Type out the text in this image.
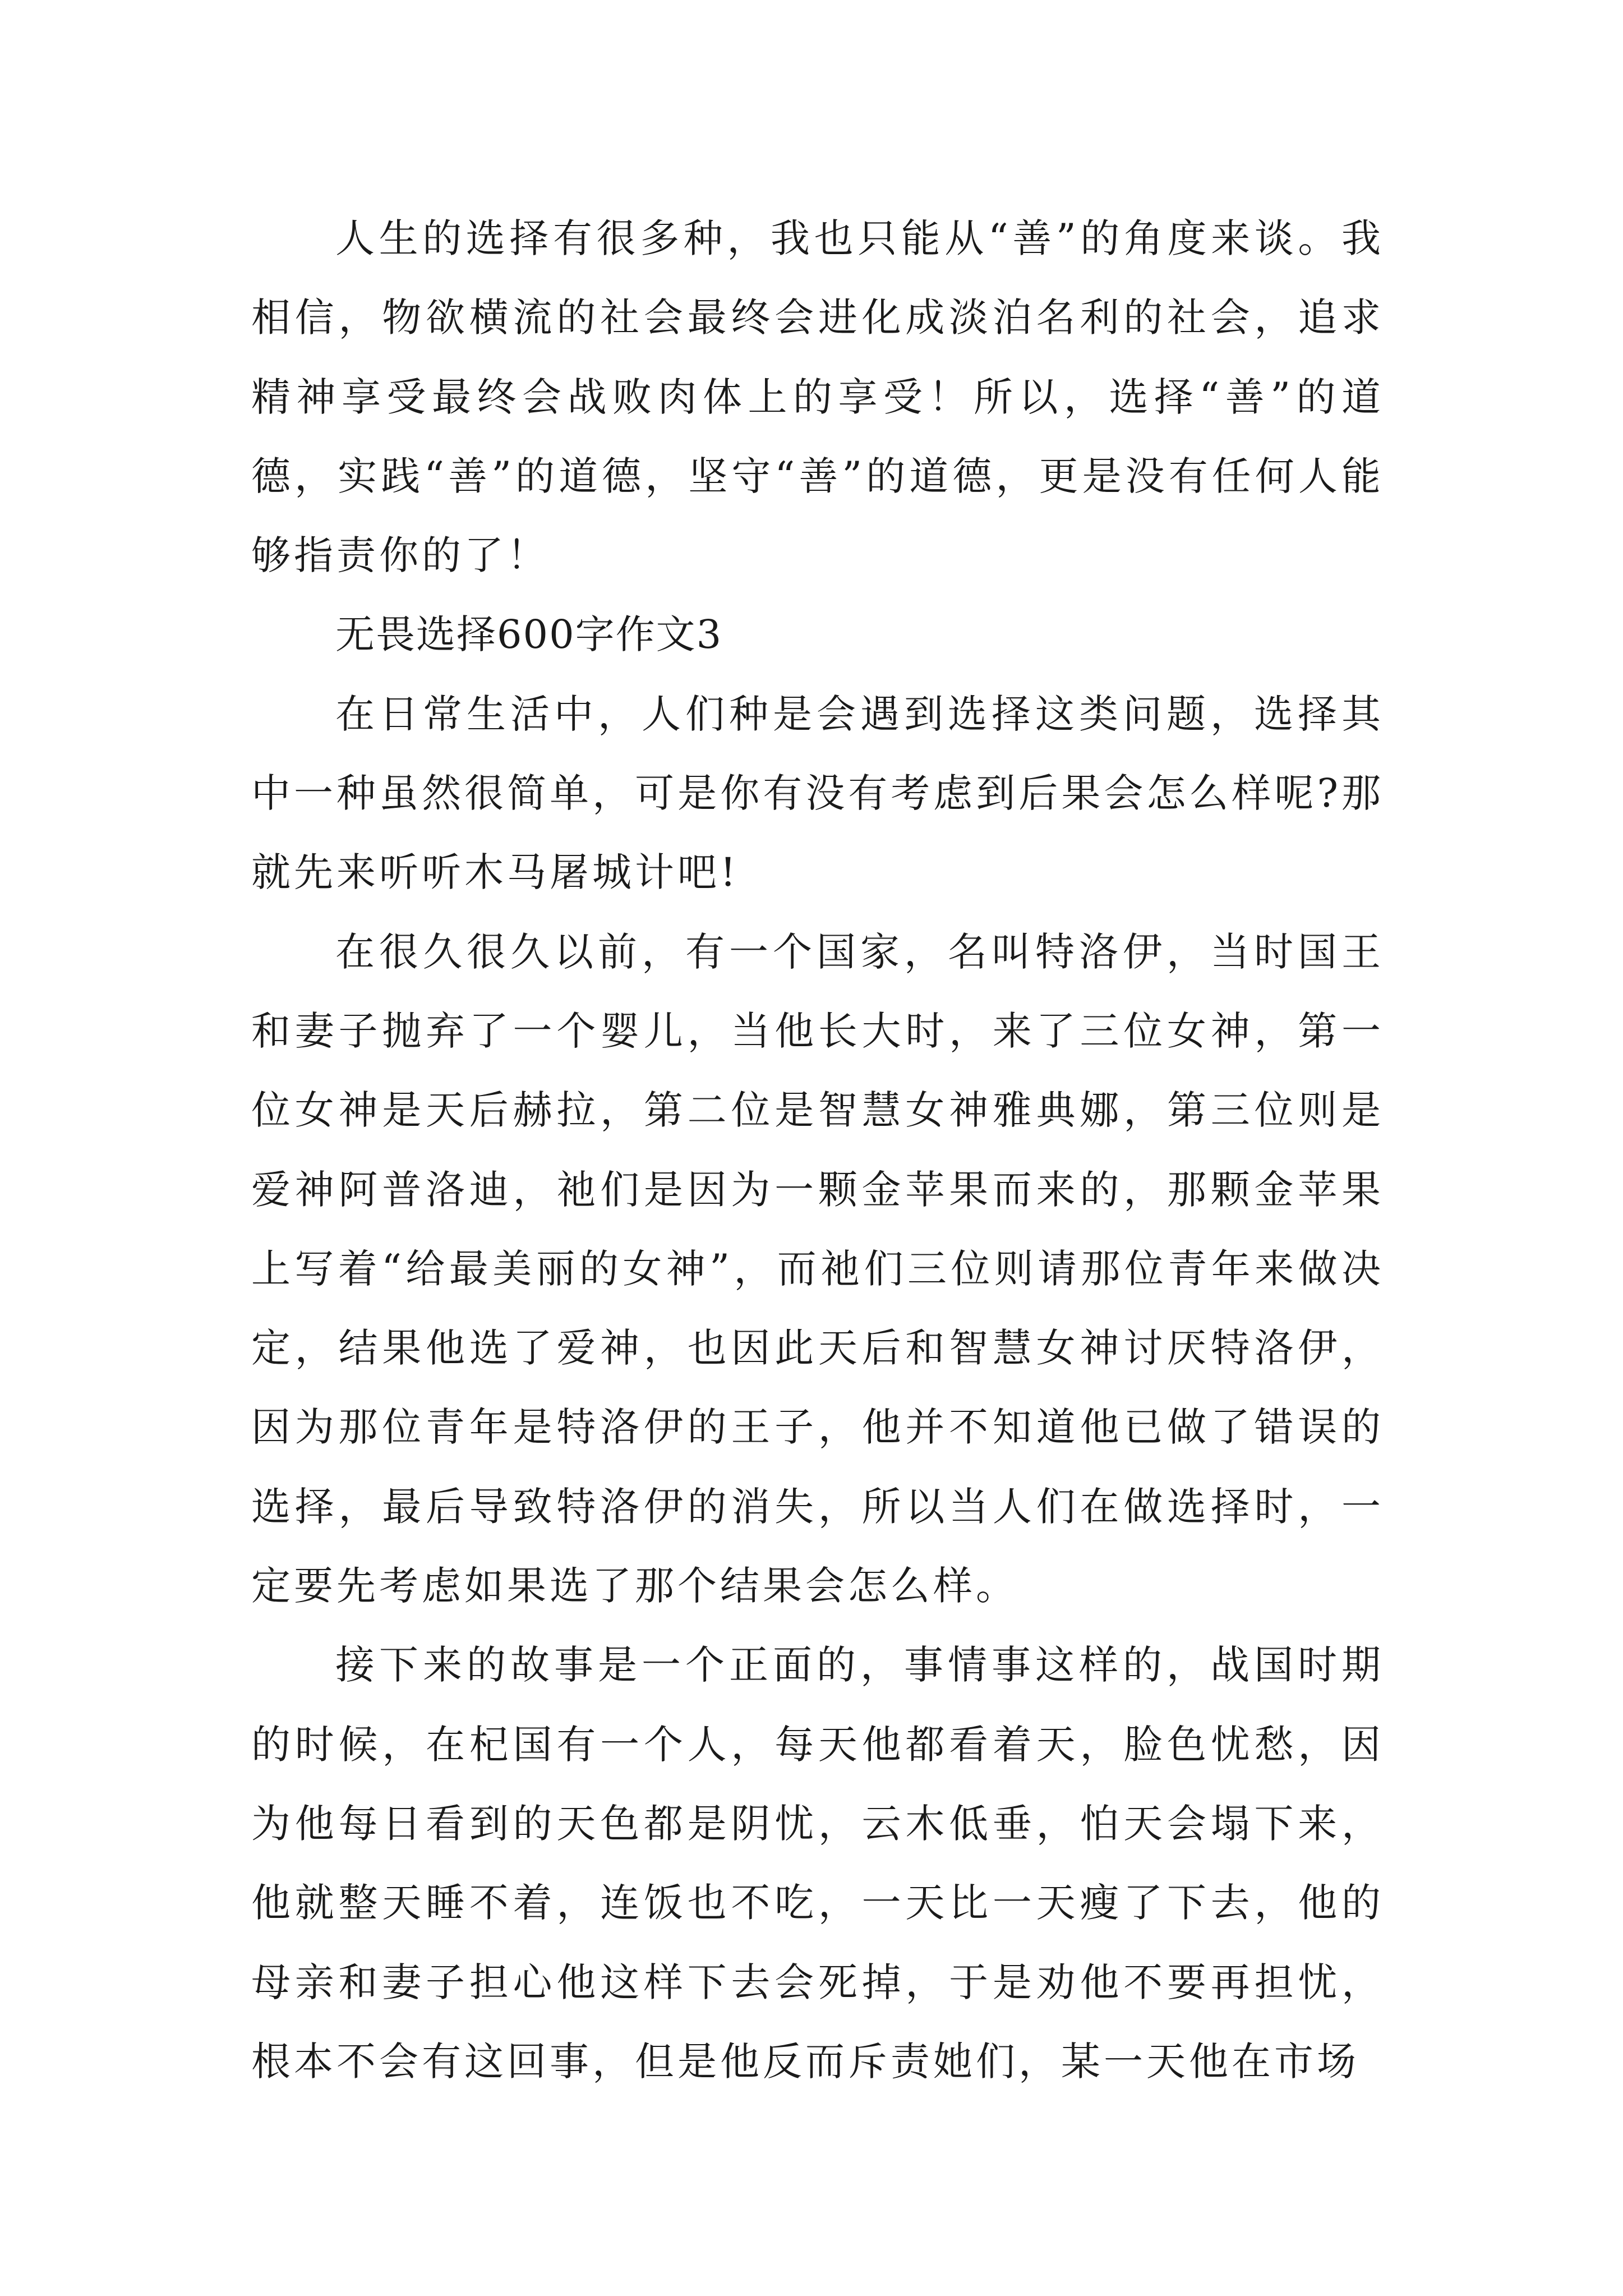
人生的选择有很多种，我也只能从“善”的角度来谈。我相信，物欲横流的社会最终会进化成淡泊名利的社会，追求精神享受最终会战败肉体上的享受！所以，选择“善”的道德，实践“善”的道德，坚守“善”的道德，更是没有任何人能够指责你的了！

无畏选择600字作文3

在日常生活中，人们种是会遇到选择这类问题，选择其中一种虽然很简单，可是你有没有考虑到后果会怎么样呢?那就先来听听木马屠城计吧!

在很久很久以前，有一个国家，名叫特洛伊，当时国王和妻子抛弃了一个婴儿，当他长大时，来了三位女神，第一位女神是天后赫拉，第二位是智慧女神雅典娜，第三位则是爱神阿普洛迪，祂们是因为一颗金苹果而来的，那颗金苹果上写着“给最美丽的女神”，而祂们三位则请那位青年来做决定，结果他选了爱神，也因此天后和智慧女神讨厌特洛伊，因为那位青年是特洛伊的王子，他并不知道他已做了错误的选择，最后导致特洛伊的消失，所以当人们在做选择时，一定要先考虑如果选了那个结果会怎么样。

接下来的故事是一个正面的，事情事这样的，战国时期的时候，在杞国有一个人，每天他都看着天，脸色忧愁，因为他每日看到的天色都是阴忧，云木低垂，怕天会塌下来，他就整天睡不着，连饭也不吃，一天比一天瘦了下去，他的母亲和妻子担心他这样下去会死掉，于是劝他不要再担忧，根本不会有这回事，但是他反而斥责她们，某一天他在市场
